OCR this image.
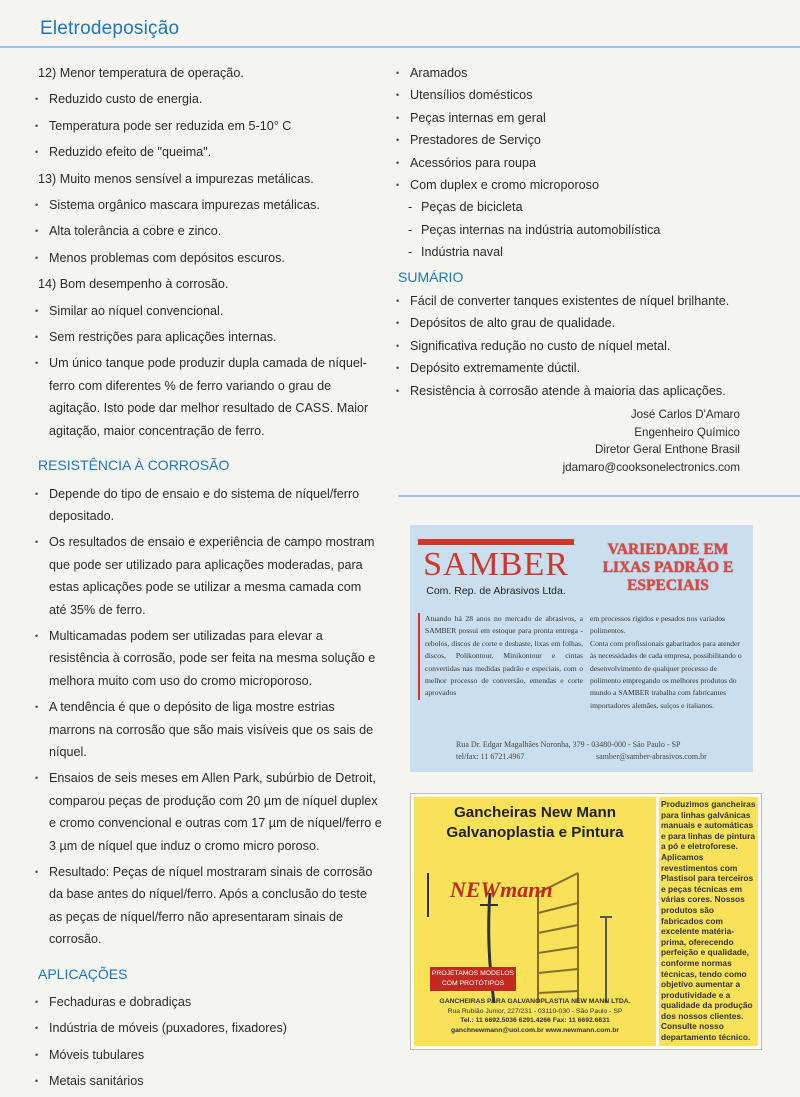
Eletrodeposição
12) Menor temperatura de operação.
• Reduzido custo de energia.
• Temperatura pode ser reduzida em 5-10° C
• Reduzido efeito de "queima".
13) Muito menos sensível a impurezas metálicas.
• Sistema orgânico mascara impurezas metálicas.
• Alta tolerância a cobre e zinco.
• Menos problemas com depósitos escuros.
14) Bom desempenho à corrosão.
• Similar ao níquel convencional.
• Sem restrições para aplicações internas.
• Um único tanque pode produzir dupla camada de níquel-ferro com diferentes % de ferro variando o grau de agitação. Isto pode dar melhor resultado de CASS. Maior agitação, maior concentração de ferro.
RESISTÊNCIA À CORROSÃO
• Depende do tipo de ensaio e do sistema de níquel/ferro depositado.
• Os resultados de ensaio e experiência de campo mostram que pode ser utilizado para aplicações moderadas, para estas aplicações pode se utilizar a mesma camada com até 35% de ferro.
• Multicamadas podem ser utilizadas para elevar a resistência à corrosão, pode ser feita na mesma solução e melhora muito com uso do cromo microporoso.
• A tendência é que o depósito de liga mostre estrias marrons na corrosão que são mais visíveis que os sais de níquel.
• Ensaios de seis meses em Allen Park, subúrbio de Detroit, comparou peças de produção com 20 µm de níquel duplex e cromo convencional e outras com 17 µm de níquel/ferro e 3 µm de níquel que induz o cromo micro poroso.
• Resultado: Peças de níquel mostraram sinais de corrosão da base antes do níquel/ferro. Após a conclusão do teste as peças de níquel/ferro não apresentaram sinais de corrosão.
APLICAÇÕES
• Fechaduras e dobradiças
• Indústria de móveis (puxadores, fixadores)
• Móveis tubulares
• Metais sanitários
• Aramados
• Utensílios domésticos
• Peças internas em geral
• Prestadores de Serviço
• Acessórios para roupa
• Com duplex e cromo microporoso
- Peças de bicicleta
- Peças internas na indústria automobilística
- Indústria naval
SUMÁRIO
• Fácil de converter tanques existentes de níquel brilhante.
• Depósitos de alto grau de qualidade.
• Significativa redução no custo de níquel metal.
• Depósito extremamente dúctil.
• Resistência à corrosão atende à maioria das aplicações.
José Carlos D'Amaro
Engenheiro Químico
Diretor Geral Enthone Brasil
jdamaro@cooksonelectronics.com
SAMBER
Com. Rep. de Abrasivos Ltda.
VARIEDADE EM LIXAS PADRÃO E ESPECIAIS
Atuando há 28 anos no mercado de abrasivos, a SAMBER possui em estoque para pronta entrega - rebolos, discos de corte e desbaste, lixas em folhas, discos, Polikontour, Minikontour e cintas convertidas nas medidas padrão e especiais, com o melhor processo de conversão, emendas e corte aprovados
em processos rígidos e pesados nos variados polimentos.
Conta com profissionais gabaritados para atender às necessidades de cada empresa, possibilitando o desenvolvimento de qualquer processo de polimento empregando os melhores produtos do mundo a SAMBER trabalha com fabricantes importadores alemães, suíços e italianos.
Rua Dr. Edgar Magalhães Noronha, 379 - 03480-000 - São Paulo - SP
tel/fax: 11 6721.4967	samber@samber-abrasivos.com.br
Gancheiras New Mann
Galvanoplastia e Pintura
NEWmann
PROJETAMOS MODELOS COM PROTÓTIPOS
GANCHEIRAS PARA GALVANOPLASTIA NEW MANN LTDA.
Rua Rubião Junior, 227/231 - 03110-030 - São Paulo - SP
Tel.: 11 6692.5036 6291.4266 Fax: 11 6692.6631
ganchnewmann@uol.com.br www.newmann.com.br
Produzimos gancheiras para linhas galvânicas manuais e automáticas e para linhas de pintura a pó e eletroforese. Aplicamos revestimentos com Plastisol para terceiros e peças técnicas em várias cores. Nossos produtos são fabricados com excelente matéria-prima, oferecendo perfeição e qualidade, conforme normas técnicas, tendo como objetivo aumentar a produtividade e a qualidade da produção dos nossos clientes. Consulte nosso departamento técnico.
